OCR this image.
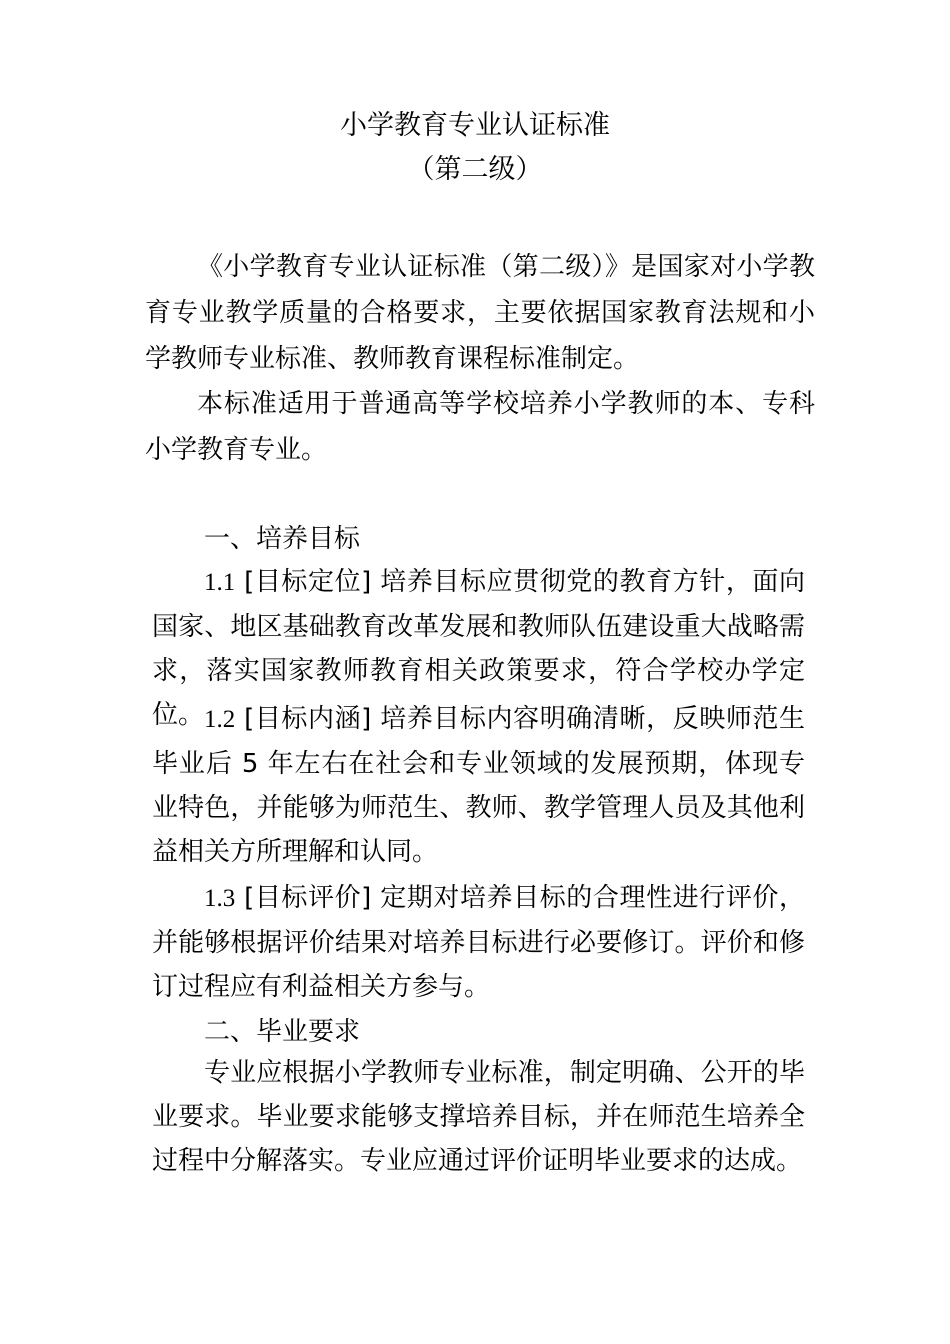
小学教育专业认证标准
（第二级）
《小学教育专业认证标准（第二级）》是国家对小学教育专业教学质量的合格要求，主要依据国家教育法规和小学教师专业标准、教师教育课程标准制定。
本标准适用于普通高等学校培养小学教师的本、专科小学教育专业。
一、培养目标
1.1 [目标定位] 培养目标应贯彻党的教育方针，面向国家、地区基础教育改革发展和教师队伍建设重大战略需求，落实国家教师教育相关政策要求，符合学校办学定位。 1.2 [目标内涵] 培养目标内容明确清晰，反映师范生毕业后 5 年左右在社会和专业领域的发展预期，体现专业特色，并能够为师范生、教师、教学管理人员及其他利益相关方所理解和认同。
1.3 [目标评价] 定期对培养目标的合理性进行评价，并能够根据评价结果对培养目标进行必要修订。评价和修订过程应有利益相关方参与。
二、毕业要求
专业应根据小学教师专业标准，制定明确、公开的毕业要求。毕业要求能够支撑培养目标，并在师范生培养全过程中分解落实。专业应通过评价证明毕业要求的达成。
